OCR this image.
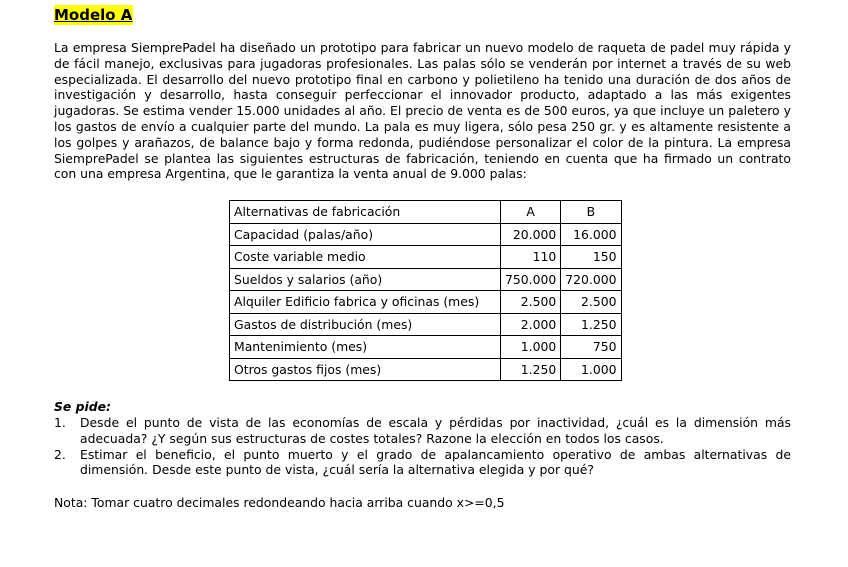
Modelo A

La empresa SiemprePadel ha diseñado un prototipo para fabricar un nuevo modelo de raqueta de padel muy rápida y de fácil manejo, exclusivas para jugadoras profesionales. Las palas sólo se venderán por internet a través de su web especializada. El desarrollo del nuevo prototipo final en carbono y polietileno ha tenido una duración de dos años de investigación y desarrollo, hasta conseguir perfeccionar el innovador producto, adaptado a las más exigentes jugadoras. Se estima vender 15.000 unidades al año. El precio de venta es de 500 euros, ya que incluye un paletero y los gastos de envío a cualquier parte del mundo. La pala es muy ligera, sólo pesa 250 gr. y es altamente resistente a los golpes y arañazos, de balance bajo y forma redonda, pudiéndose personalizar el color de la pintura. La empresa SiemprePadel se plantea las siguientes estructuras de fabricación, teniendo en cuenta que ha firmado un contrato con una empresa Argentina, que le garantiza la venta anual de 9.000 palas:

Alternativas de fabricación	A	B
Capacidad (palas/año)	20.000	16.000
Coste variable medio	110	150
Sueldos y salarios (año)	750.000	720.000
Alquiler Edificio fabrica y oficinas (mes)	2.500	2.500
Gastos de distribución (mes)	2.000	1.250
Mantenimiento (mes)	1.000	750
Otros gastos fijos (mes)	1.250	1.000
Se pide:
1. Desde el punto de vista de las economías de escala y pérdidas por inactividad, ¿cuál es la dimensión más adecuada? ¿Y según sus estructuras de costes totales? Razone la elección en todos los casos.
2. Estimar el beneficio, el punto muerto y el grado de apalancamiento operativo de ambas alternativas de dimensión. Desde este punto de vista, ¿cuál sería la alternativa elegida y por qué?
Nota: Tomar cuatro decimales redondeando hacia arriba cuando x>=0,5
